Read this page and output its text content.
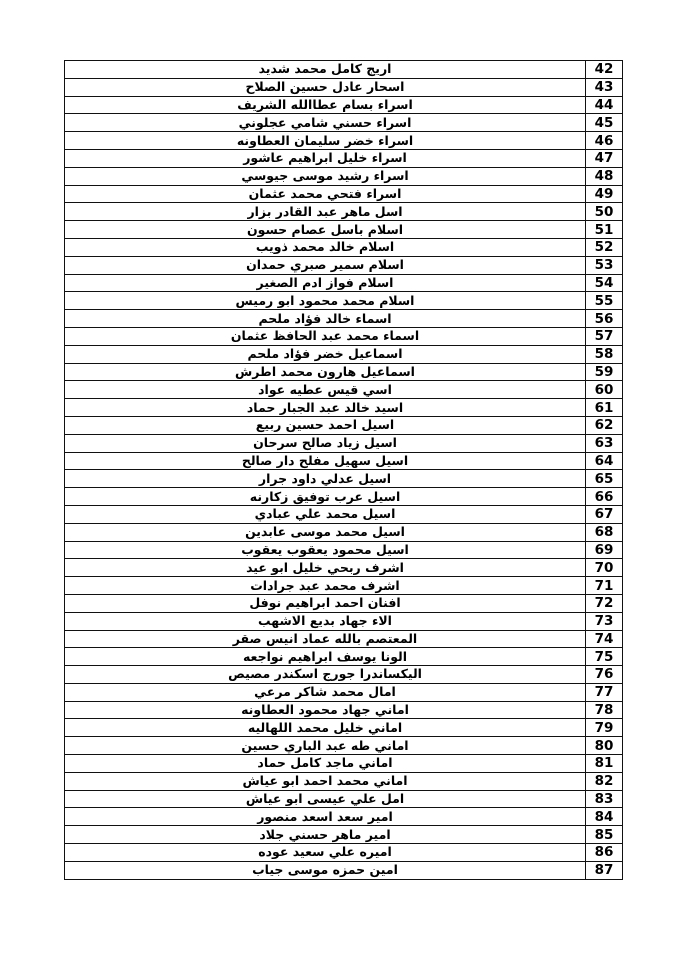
اريج كامل محمد شديد	42
اسحار عادل حسين الصلاح	43
اسراء بسام عطاالله الشريف	44
اسراء حسني شامي عجلوني	45
اسراء خضر سليمان العطاونه	46
اسراء خليل ابراهيم عاشور	47
اسراء رشيد موسى جيوسي	48
اسراء فتحي محمد عثمان	49
اسل ماهر عبد القادر بزار	50
اسلام باسل عصام حسون	51
اسلام خالد محمد ذويب	52
اسلام سمير صبري حمدان	53
اسلام فواز ادم الصغير	54
اسلام محمد محمود ابو رميس	55
اسماء خالد فؤاد ملحم	56
اسماء محمد عبد الحافظ عثمان	57
اسماعيل خضر فؤاد ملحم	58
اسماعيل هارون محمد اطرش	59
اسي قيس عطيه عواد	60
اسيد خالد عبد الجبار حماد	61
اسيل احمد حسين ربيع	62
اسيل زياد صالح سرحان	63
اسيل سهيل مفلح دار صالح	64
اسيل عدلي داود جرار	65
اسيل عرب توفيق زكارنه	66
اسيل محمد علي عبادي	67
اسيل محمد موسى عابدين	68
اسيل محمود يعقوب يعقوب	69
اشرف ربحي خليل ابو عيد	70
اشرف محمد عبد جرادات	71
افنان احمد ابراهيم نوفل	72
الاء جهاد بديع الاشهب	73
المعتصم بالله عماد انيس صقر	74
الونا يوسف ابراهيم نواجعه	75
اليكساندرا جورج اسكندر مصيص	76
امال محمد شاكر مرعي	77
اماني جهاد محمود العطاونه	78
اماني خليل محمد اللهاليه	79
اماني طه عبد الباري حسين	80
اماني ماجد كامل حماد	81
اماني محمد احمد ابو عياش	82
امل علي عيسى ابو عياش	83
امير سعد اسعد منصور	84
امير ماهر حسني جلاد	85
اميره علي سعيد عوده	86
امين حمزه موسى جياب	87
